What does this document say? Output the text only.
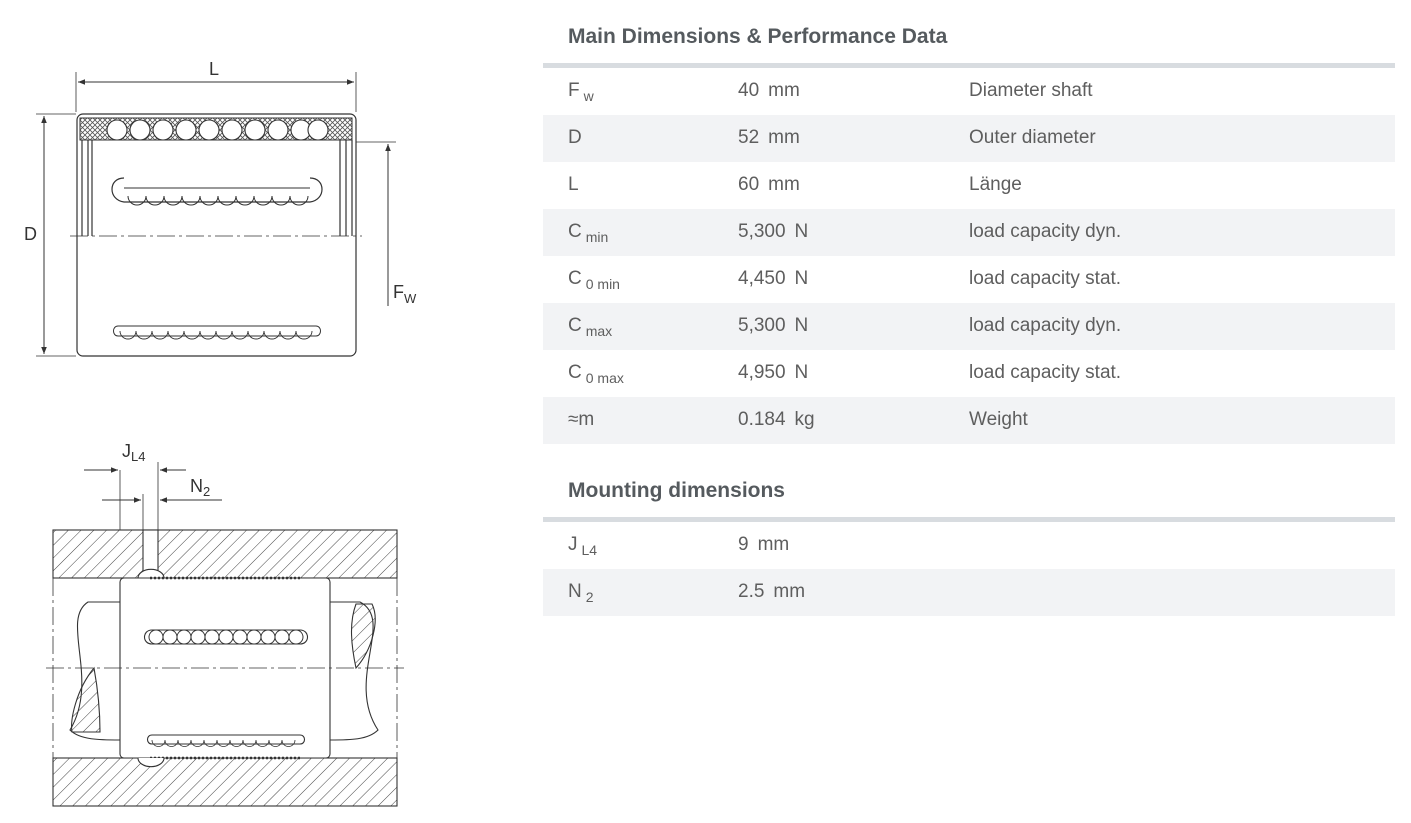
L
D
$F_W$
$J_{L4}$
$N_2$
Main Dimensions & Performance Data
F $_w$	40 mm	Diameter shaft
D	52 mm	Outer diameter
L	60 mm	Länge
C $_{min}$	5,300 N	load capacity dyn.
C $_{0 min}$	4,450 N	load capacity stat.
C $_{max}$	5,300 N	load capacity dyn.
C $_{0 max}$	4,950 N	load capacity stat.
≈m	0.184 kg	Weight
Mounting dimensions
J $_{L4}$	9 mm
N $_2$	2.5 mm
